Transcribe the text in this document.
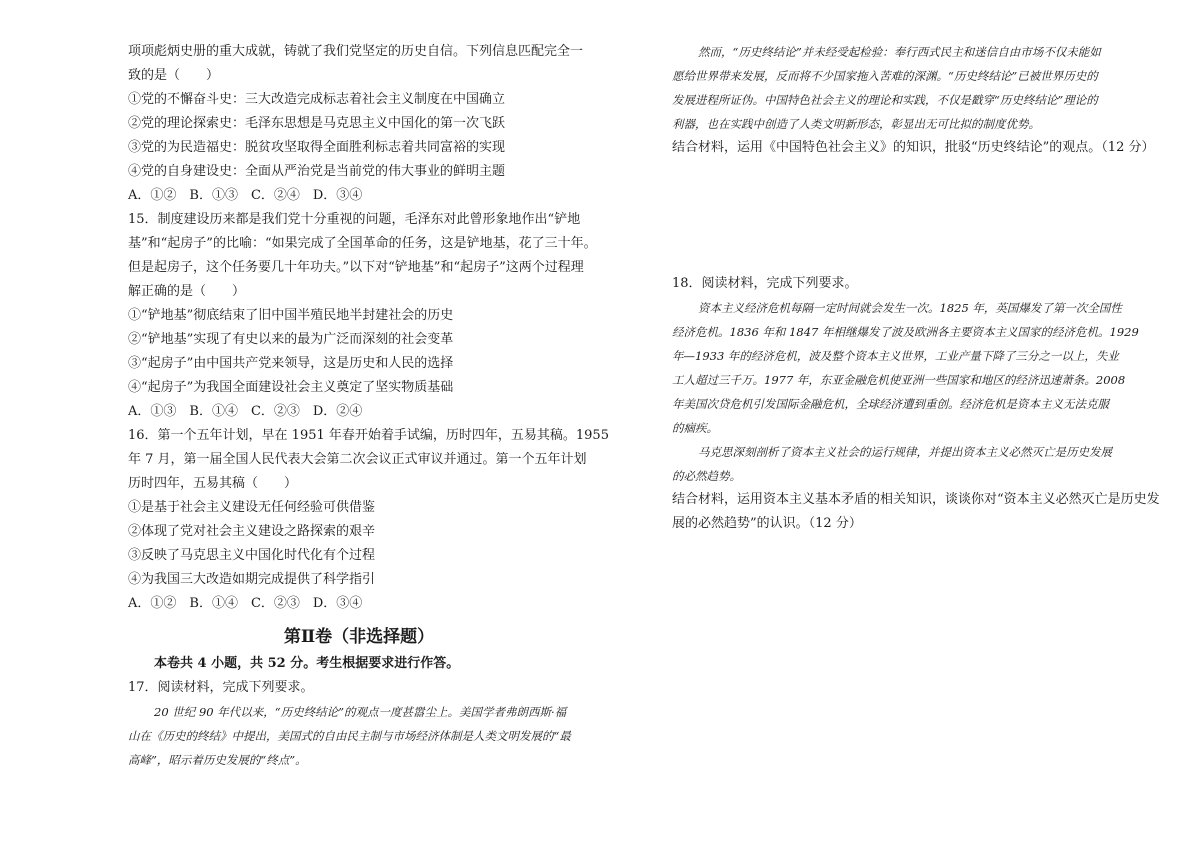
项项彪炳史册的重大成就，铸就了我们党坚定的历史自信。下列信息匹配完全一
致的是（　　）
①党的不懈奋斗史：三大改造完成标志着社会主义制度在中国确立
②党的理论探索史：毛泽东思想是马克思主义中国化的第一次飞跃
③党的为民造福史：脱贫攻坚取得全面胜利标志着共同富裕的实现
④党的自身建设史：全面从严治党是当前党的伟大事业的鲜明主题
A．①②　B．①③　C．②④　D．③④
15．制度建设历来都是我们党十分重视的问题，毛泽东对此曾形象地作出“铲地
基”和“起房子”的比喻：“如果完成了全国革命的任务，这是铲地基，花了三十年。
但是起房子，这个任务要几十年功夫。”以下对“铲地基”和“起房子”这两个过程理
解正确的是（　　）
①“铲地基”彻底结束了旧中国半殖民地半封建社会的历史
②“铲地基”实现了有史以来的最为广泛而深刻的社会变革
③“起房子”由中国共产党来领导，这是历史和人民的选择
④“起房子”为我国全面建设社会主义奠定了坚实物质基础
A．①③　B．①④　C．②③　D．②④
16．第一个五年计划，早在 1951 年春开始着手试编，历时四年，五易其稿。1955
年 7 月，第一届全国人民代表大会第二次会议正式审议并通过。第一个五年计划
历时四年，五易其稿（　　）
①是基于社会主义建设无任何经验可供借鉴
②体现了党对社会主义建设之路探索的艰辛
③反映了马克思主义中国化时代化有个过程
④为我国三大改造如期完成提供了科学指引
A．①②　B．①④　C．②③　D．③④
第Ⅱ卷（非选择题）
本卷共 4 小题，共 52 分。考生根据要求进行作答。
17．阅读材料，完成下列要求。
20 世纪 90 年代以来，“历史终结论”的观点一度甚嚣尘上。美国学者弗朗西斯·福
山在《历史的终结》中提出，美国式的自由民主制与市场经济体制是人类文明发展的“最
高峰”，昭示着历史发展的“终点”。
然而，“历史终结论”并未经受起检验：奉行西式民主和迷信自由市场不仅未能如
愿给世界带来发展，反而将不少国家拖入苦难的深渊。“历史终结论”已被世界历史的
发展进程所证伪。中国特色社会主义的理论和实践，不仅是戳穿“历史终结论”理论的
利器，也在实践中创造了人类文明新形态，彰显出无可比拟的制度优势。
结合材料，运用《中国特色社会主义》的知识，批驳“历史终结论”的观点。（12 分）
18．阅读材料，完成下列要求。
资本主义经济危机每隔一定时间就会发生一次。1825 年，英国爆发了第一次全国性
经济危机。1836 年和 1847 年相继爆发了波及欧洲各主要资本主义国家的经济危机。1929
年—1933 年的经济危机，波及整个资本主义世界，工业产量下降了三分之一以上，失业
工人超过三千万。1977 年，东亚金融危机使亚洲一些国家和地区的经济迅速萧条。2008
年美国次贷危机引发国际金融危机，全球经济遭到重创。经济危机是资本主义无法克服
的痼疾。
马克思深刻剖析了资本主义社会的运行规律，并提出资本主义必然灭亡是历史发展
的必然趋势。
结合材料，运用资本主义基本矛盾的相关知识，谈谈你对“资本主义必然灭亡是历史发
展的必然趋势”的认识。（12 分）
